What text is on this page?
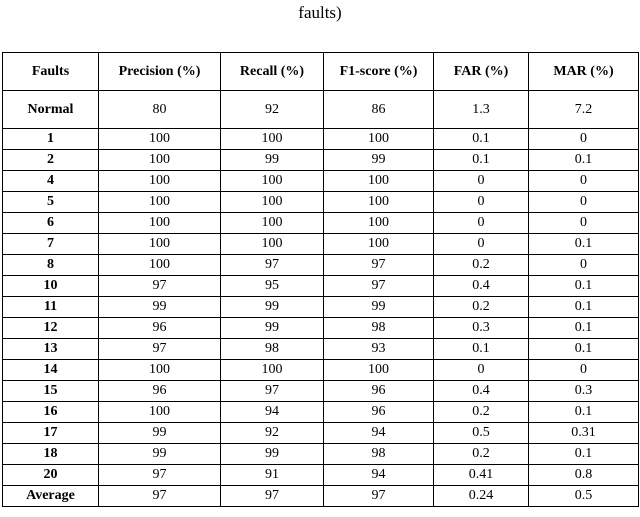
faults)
Faults	Precision (%)	Recall (%)	F1-score (%)	FAR (%)	MAR (%)
Normal	80	92	86	1.3	7.2
1	100	100	100	0.1	0
2	100	99	99	0.1	0.1
4	100	100	100	0	0
5	100	100	100	0	0
6	100	100	100	0	0
7	100	100	100	0	0.1
8	100	97	97	0.2	0
10	97	95	97	0.4	0.1
11	99	99	99	0.2	0.1
12	96	99	98	0.3	0.1
13	97	98	93	0.1	0.1
14	100	100	100	0	0
15	96	97	96	0.4	0.3
16	100	94	96	0.2	0.1
17	99	92	94	0.5	0.31
18	99	99	98	0.2	0.1
20	97	91	94	0.41	0.8
Average	97	97	97	0.24	0.5
